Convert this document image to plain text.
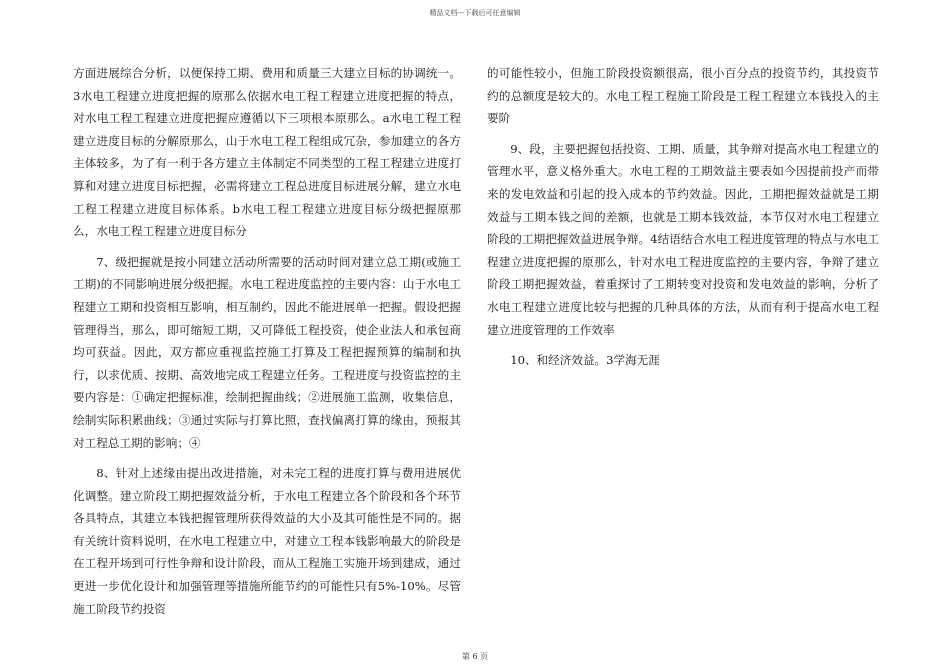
精品文档---下载后可任意编辑

方面进展综合分析，以便保持工期、费用和质量三大建立目标的协调统一。3水电工程建立进度把握的原那么依据水电工程工程建立进度把握的特点，对水电工程工程建立进度把握应遵循以下三项根本原那么。a水电工程工程建立进度目标的分解原那么，山于水电工程工程组成冗杂，参加建立的各方主体较多，为了有一利于各方建立主体制定不同类型的工程工程建立进度打算和对建立进度目标把握，必需将建立工程总进度目标进展分解，建立水电工程工程建立进度目标体系。b水电工程工程建立进度目标分级把握原那么，水电工程工程建立进度目标分

7、级把握就是按小同建立活动所需要的活动时间对建立总工期(或施工工期)的不同影响进展分级把握。水电工程进度监控的主要内容：山于水电工程建立工期和投资相互影响，相互制约，因此不能进展单一把握。假设把握管理得当，那么，即可缩短工期，又可降低工程投资，使企业法人和承包商均可获益。因此，双方都应重视监控施工打算及工程把握预算的编制和执行，以求优质、按期、高效地完成工程建立任务。工程进度与投资监控的主要内容是：①确定把握标准，绘制把握曲线；②进展施工监测，收集信息，绘制实际积累曲线；③通过实际与打算比照，查找偏离打算的缘由，预报其对工程总工期的影响；④

8、针对上述缘由提出改进措施，对未完工程的进度打算与费用进展优化调整。建立阶段工期把握效益分析，于水电工程建立各个阶段和各个环节各具特点，其建立本钱把握管理所获得效益的大小及其可能性是不同的。据有关统计资料说明，在水电工程建立中，对建立工程本钱影响最大的阶段是在工程开场到可行性争辩和设计阶段，而从工程施工实施开场到建成，通过更进一步优化设计和加强管理等措施所能节约的可能性只有5%-10%。尽管施工阶段节约投资

的可能性较小，但施工阶段投资额很高，很小百分点的投资节约，其投资节约的总额度是较大的。水电工程工程施工阶段是工程工程建立本钱投入的主要阶

9、段，主要把握包括投资、工期、质量，其争辩对提高水电工程建立的管理水平，意义格外重大。水电工程的工期效益主要表如今因提前投产而带来的发电效益和引起的投入成本的节约效益。因此，工期把握效益就是工期效益与工期本钱之间的差额，也就是工期本钱效益，本节仅对水电工程建立阶段的工期把握效益进展争辩。4结语结合水电工程进度管理的特点与水电工程建立进度把握的原那么，针对水电工程进度监控的主要内容，争辩了建立阶段工期把握效益，着重探讨了工期转变对投资和发电效益的影响，分析了水电工程建立进度比较与把握的几种具体的方法，从而有利于提高水电工程建立进度管理的工作效率

10、和经济效益。3学海无涯

第 6 页
